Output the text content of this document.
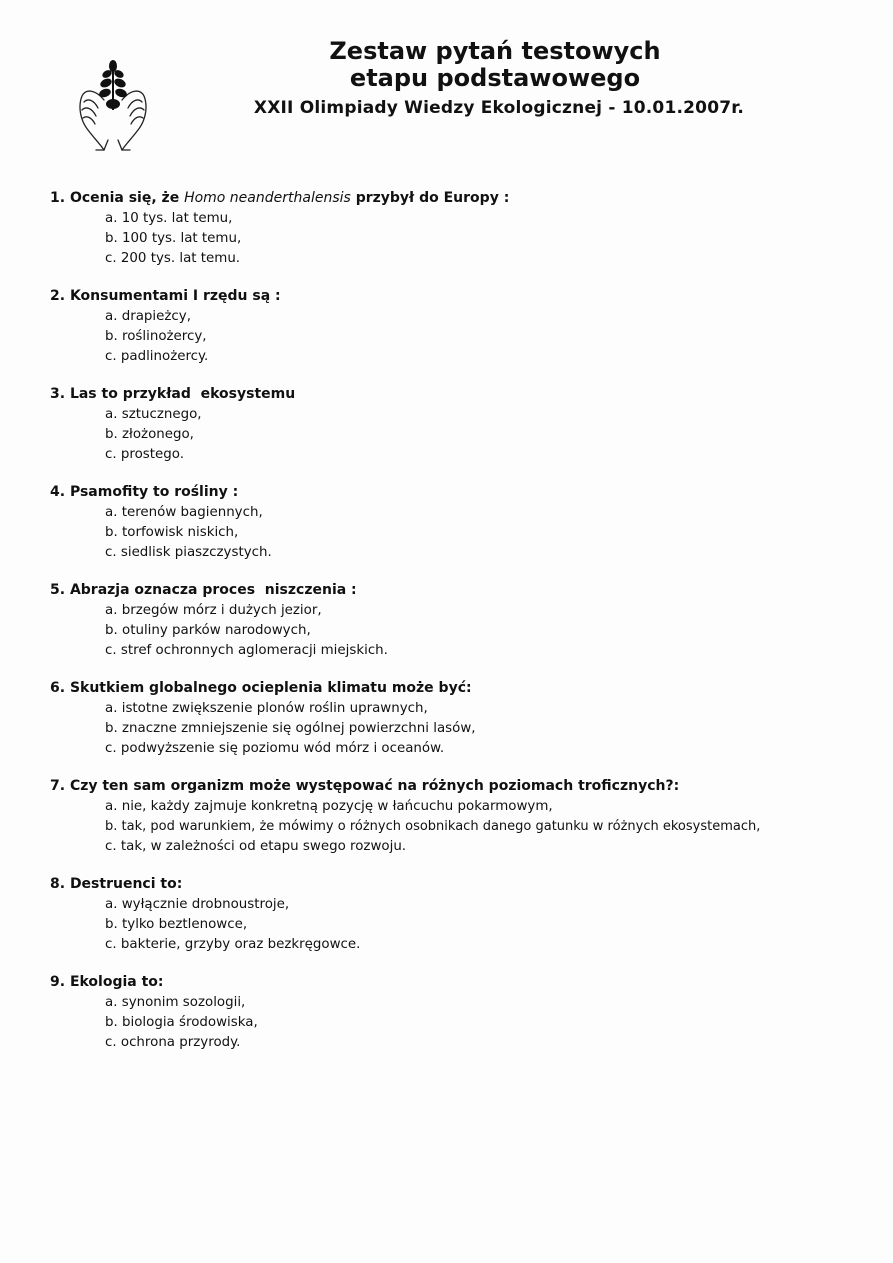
Zestaw pytań testowych
etapu podstawowego
XXII Olimpiady Wiedzy Ekologicznej - 10.01.2007r.
1. Ocenia się, że Homo neanderthalensis przybył do Europy :
a. 10 tys. lat temu,
b. 100 tys. lat temu,
c. 200 tys. lat temu.
2. Konsumentami I rzędu są :
a. drapieżcy,
b. roślinożercy,
c. padlinożercy.
3. Las to przykład  ekosystemu
a. sztucznego,
b. złożonego,
c. prostego.
4. Psamofity to rośliny :
a. terenów bagiennych,
b. torfowisk niskich,
c. siedlisk piaszczystych.
5. Abrazja oznacza proces  niszczenia :
a. brzegów mórz i dużych jezior,
b. otuliny parków narodowych,
c. stref ochronnych aglomeracji miejskich.
6. Skutkiem globalnego ocieplenia klimatu może być:
a. istotne zwiększenie plonów roślin uprawnych,
b. znaczne zmniejszenie się ogólnej powierzchni lasów,
c. podwyższenie się poziomu wód mórz i oceanów.
7. Czy ten sam organizm może występować na różnych poziomach troficznych?:
a. nie, każdy zajmuje konkretną pozycję w łańcuchu pokarmowym,
b. tak, pod warunkiem, że mówimy o różnych osobnikach danego gatunku w różnych ekosystemach,
c. tak, w zależności od etapu swego rozwoju.
8. Destruenci to:
a. wyłącznie drobnoustroje,
b. tylko beztlenowce,
c. bakterie, grzyby oraz bezkręgowce.
9. Ekologia to:
a. synonim sozologii,
b. biologia środowiska,
c. ochrona przyrody.
